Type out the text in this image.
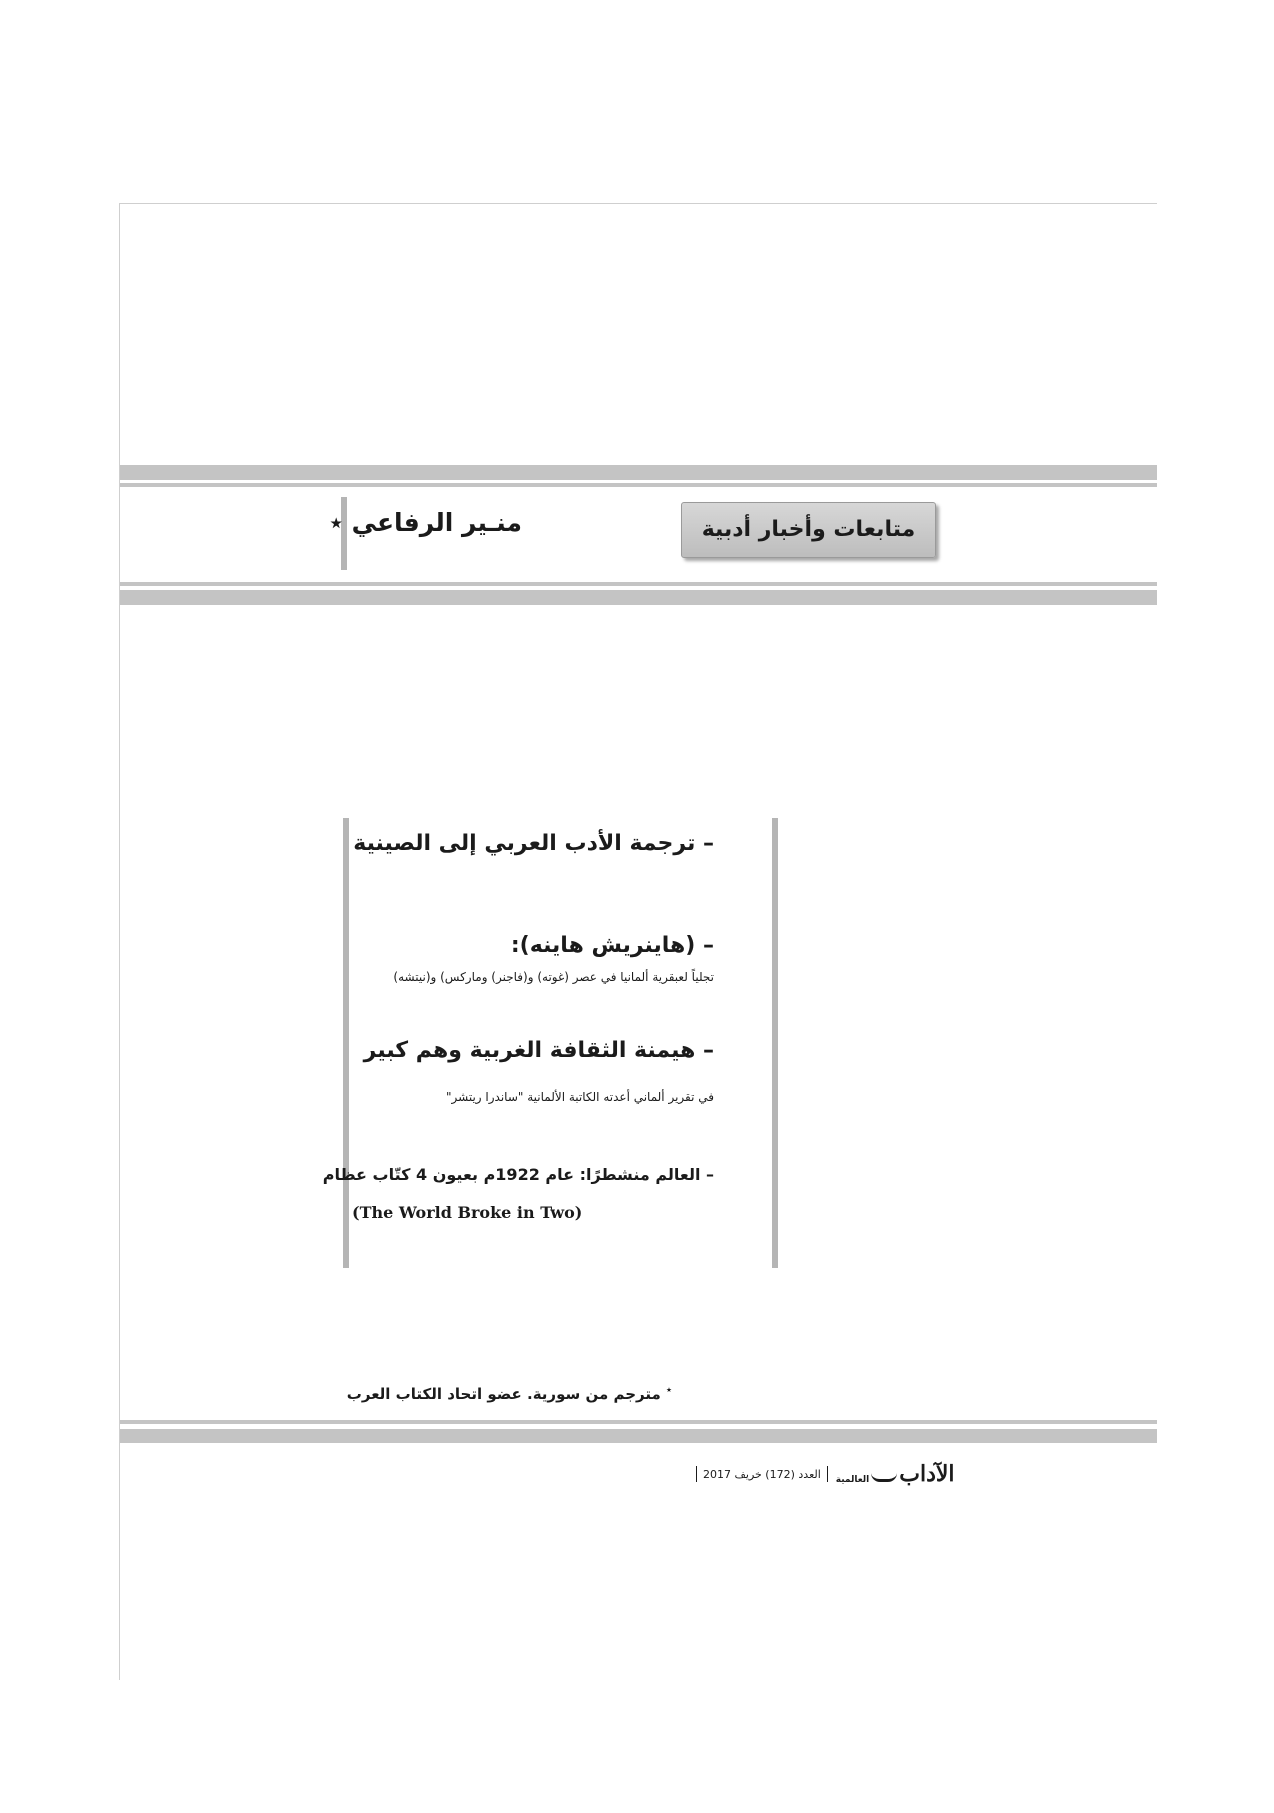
منـير الرفاعي ٭	متابعات وأخبار أدبية
– ترجمة الأدب العربي إلى الصينية
– (هاينريش هاينه):
تجلياً لعبقرية ألمانيا في عصر (غوته) و(فاجنر) وماركس) و(نيتشه)
– هيمنة الثقافة الغربية وهم كبير
في تقرير ألماني أعدته الكاتبة الألمانية "ساندرا ريتشر"
– العالم منشطرًا: عام 1922م بعيون 4 كتّاب عظام
(The World Broke in Two)
٭ مترجم من سورية. عضو اتحاد الكتاب العرب
العدد (172) خريف 2017	الآداب
العالمية
